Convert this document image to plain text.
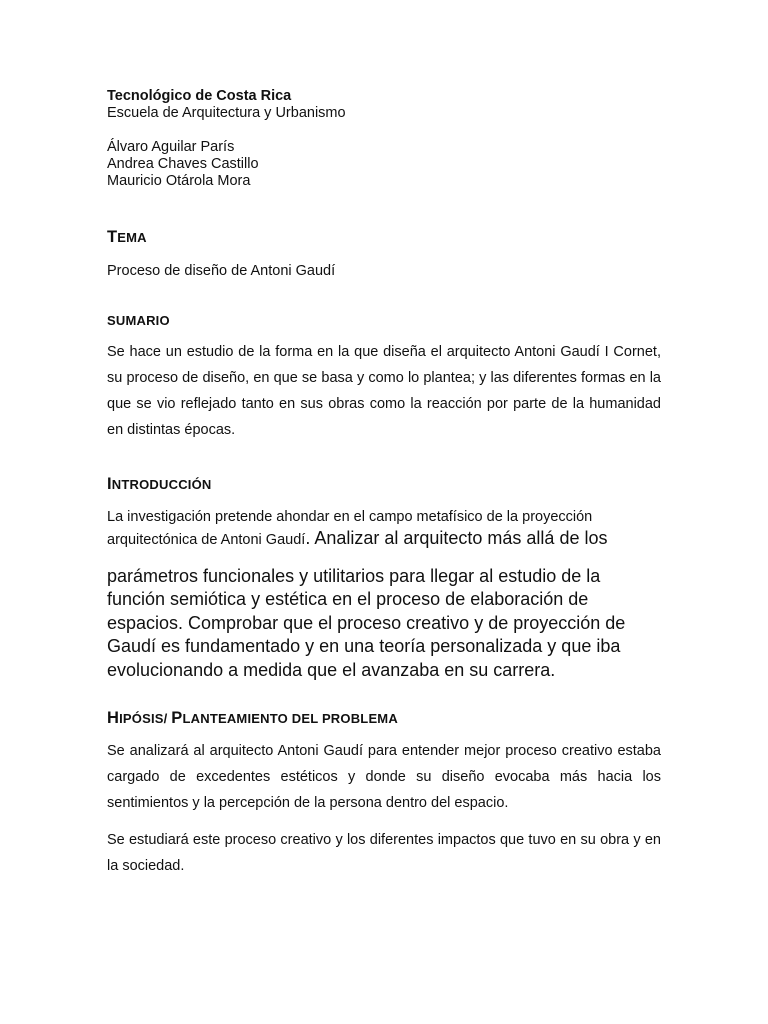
Tecnológico de Costa Rica

Escuela de Arquitectura y Urbanismo

Álvaro Aguilar París

Andrea Chaves Castillo

Mauricio Otárola Mora

TEMA

Proceso de diseño de Antoni Gaudí

SUMARIO

Se hace un estudio de la forma en la que diseña el arquitecto Antoni Gaudí I Cornet, su proceso de diseño, en que se basa y como lo plantea; y las diferentes formas en la que se vio reflejado tanto en sus obras como la reacción por parte de la humanidad en distintas épocas.

INTRODUCCIÓN

La investigación pretende ahondar en el campo metafísico de la proyección
arquitectónica de Antoni Gaudí. Analizar al arquitecto más allá de los

parámetros funcionales y utilitarios para llegar al estudio de la función semiótica y estética en el proceso de elaboración de espacios. Comprobar que el proceso creativo y de proyección de Gaudí es fundamentado y en una teoría personalizada y que iba evolucionando a medida que el avanzaba en su carrera.

HIPÓSIS/ PLANTEAMIENTO DEL PROBLEMA

Se analizará al arquitecto Antoni Gaudí para entender mejor proceso creativo estaba cargado de excedentes estéticos y donde su diseño evocaba más hacia los sentimientos y la percepción de la persona dentro del espacio.

Se estudiará este proceso creativo y los diferentes impactos que tuvo en su obra y en la sociedad.
